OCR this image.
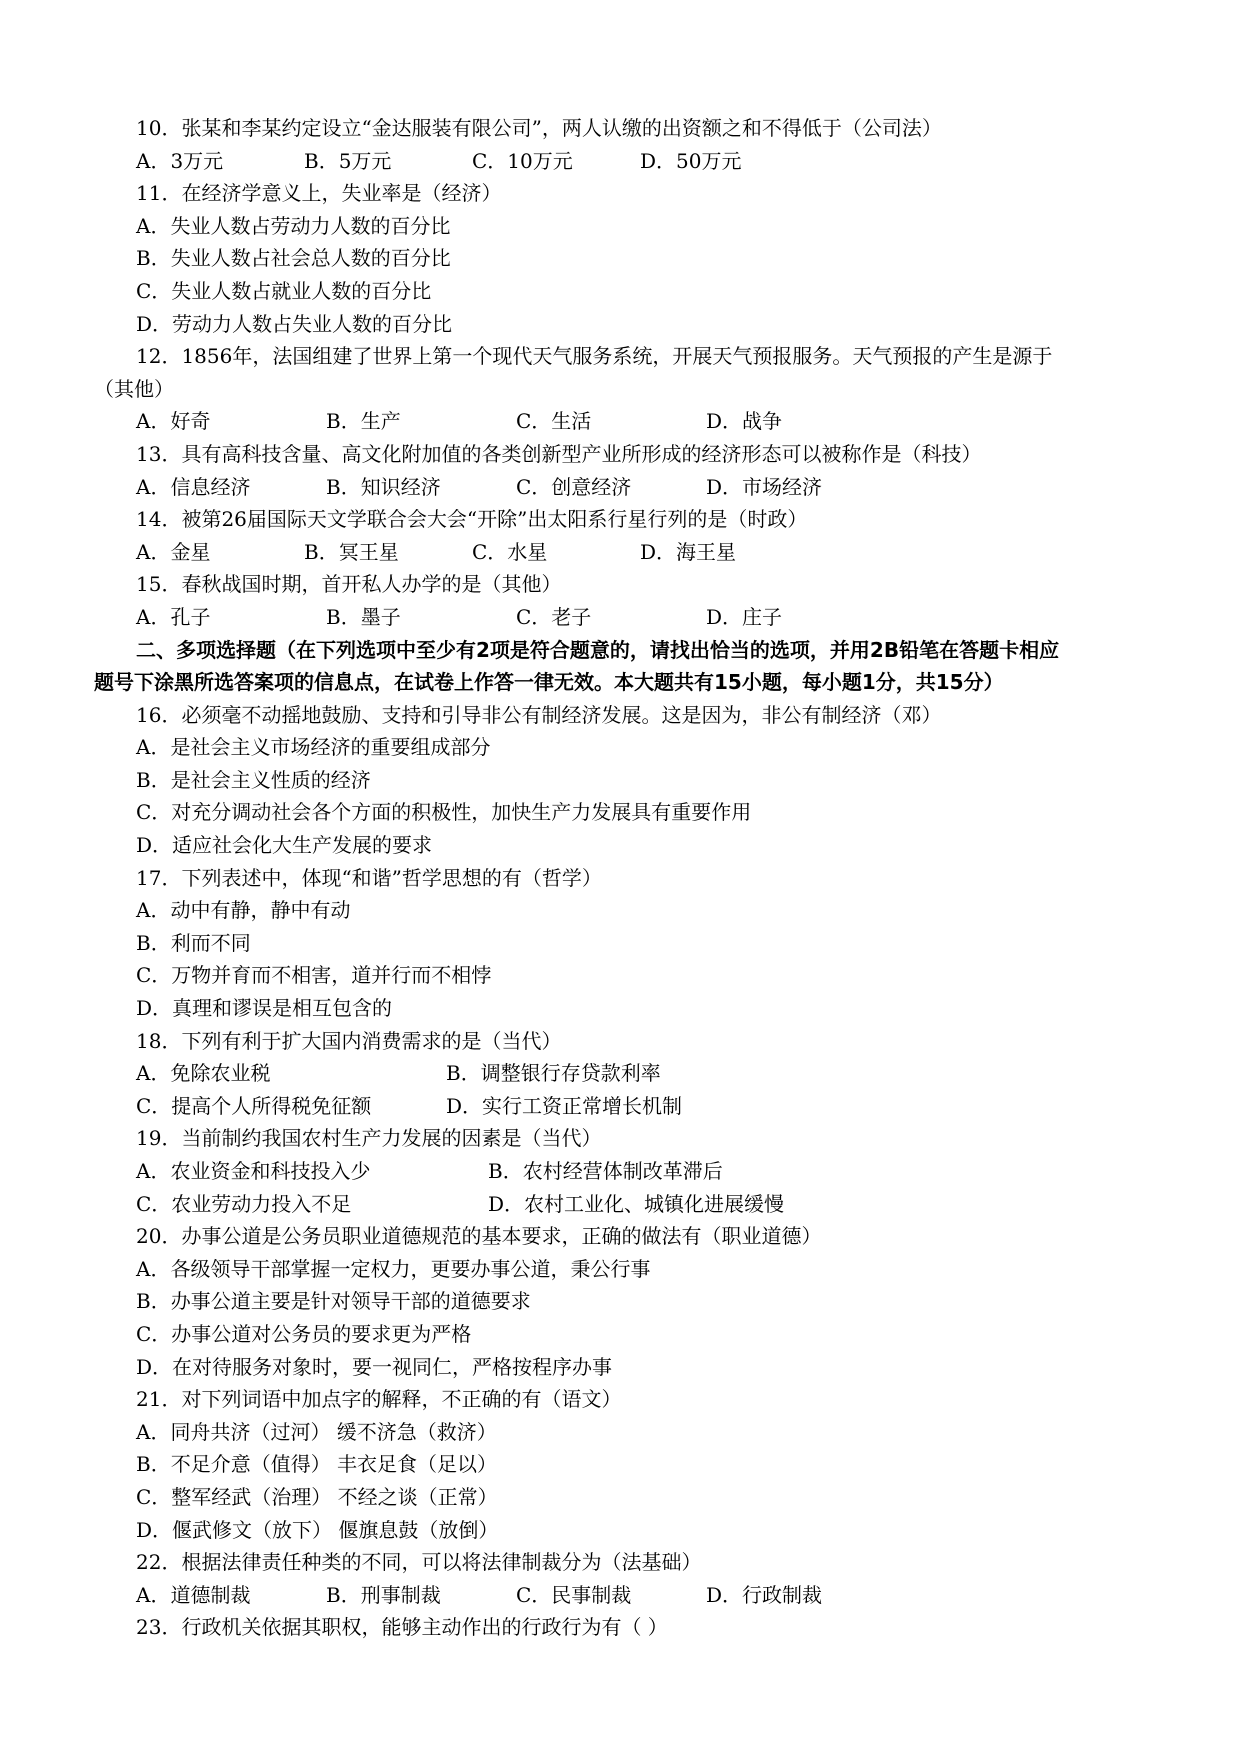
10．张某和李某约定设立“金达服装有限公司”，两人认缴的出资额之和不得低于（公司法）
A．3万元	B．5万元	C．10万元	D．50万元
11．在经济学意义上，失业率是（经济）
A．失业人数占劳动力人数的百分比
B．失业人数占社会总人数的百分比
C．失业人数占就业人数的百分比
D．劳动力人数占失业人数的百分比
12．1856年，法国组建了世界上第一个现代天气服务系统，开展天气预报服务。天气预报的产生是源于
（其他）
A．好奇	B．生产	C．生活	D．战争
13．具有高科技含量、高文化附加值的各类创新型产业所形成的经济形态可以被称作是（科技）
A．信息经济	B．知识经济	C．创意经济	D．市场经济
14．被第26届国际天文学联合会大会“开除”出太阳系行星行列的是（时政）
A．金星	B．冥王星	C．水星	D．海王星
15．春秋战国时期，首开私人办学的是（其他）
A．孔子	B．墨子	C．老子	D．庄子
二、多项选择题（在下列选项中至少有2项是符合题意的，请找出恰当的选项，并用2B铅笔在答题卡相应
题号下涂黑所选答案项的信息点，在试卷上作答一律无效。本大题共有15小题，每小题1分，共15分）
16．必须毫不动摇地鼓励、支持和引导非公有制经济发展。这是因为，非公有制经济（邓）
A．是社会主义市场经济的重要组成部分
B．是社会主义性质的经济
C．对充分调动社会各个方面的积极性，加快生产力发展具有重要作用
D．适应社会化大生产发展的要求
17．下列表述中，体现“和谐”哲学思想的有（哲学）
A．动中有静，静中有动
B．利而不同
C．万物并育而不相害，道并行而不相悖
D．真理和谬误是相互包含的
18．下列有利于扩大国内消费需求的是（当代）
A．免除农业税	B．调整银行存贷款利率
C．提高个人所得税免征额	D．实行工资正常增长机制
19．当前制约我国农村生产力发展的因素是（当代）
A．农业资金和科技投入少	B．农村经营体制改革滞后
C．农业劳动力投入不足	D．农村工业化、城镇化进展缓慢
20．办事公道是公务员职业道德规范的基本要求，正确的做法有（职业道德）
A．各级领导干部掌握一定权力，更要办事公道，秉公行事
B．办事公道主要是针对领导干部的道德要求
C．办事公道对公务员的要求更为严格
D．在对待服务对象时，要一视同仁，严格按程序办事
21．对下列词语中加点字的解释，不正确的有（语文）
A．同舟共济（过河） 缓不济急（救济）
B．不足介意（值得） 丰衣足食（足以）
C．整军经武（治理） 不经之谈（正常）
D．偃武修文（放下） 偃旗息鼓（放倒）
22．根据法律责任种类的不同，可以将法律制裁分为（法基础）
A．道德制裁	B．刑事制裁	C．民事制裁	D．行政制裁
23．行政机关依据其职权，能够主动作出的行政行为有（ ）
